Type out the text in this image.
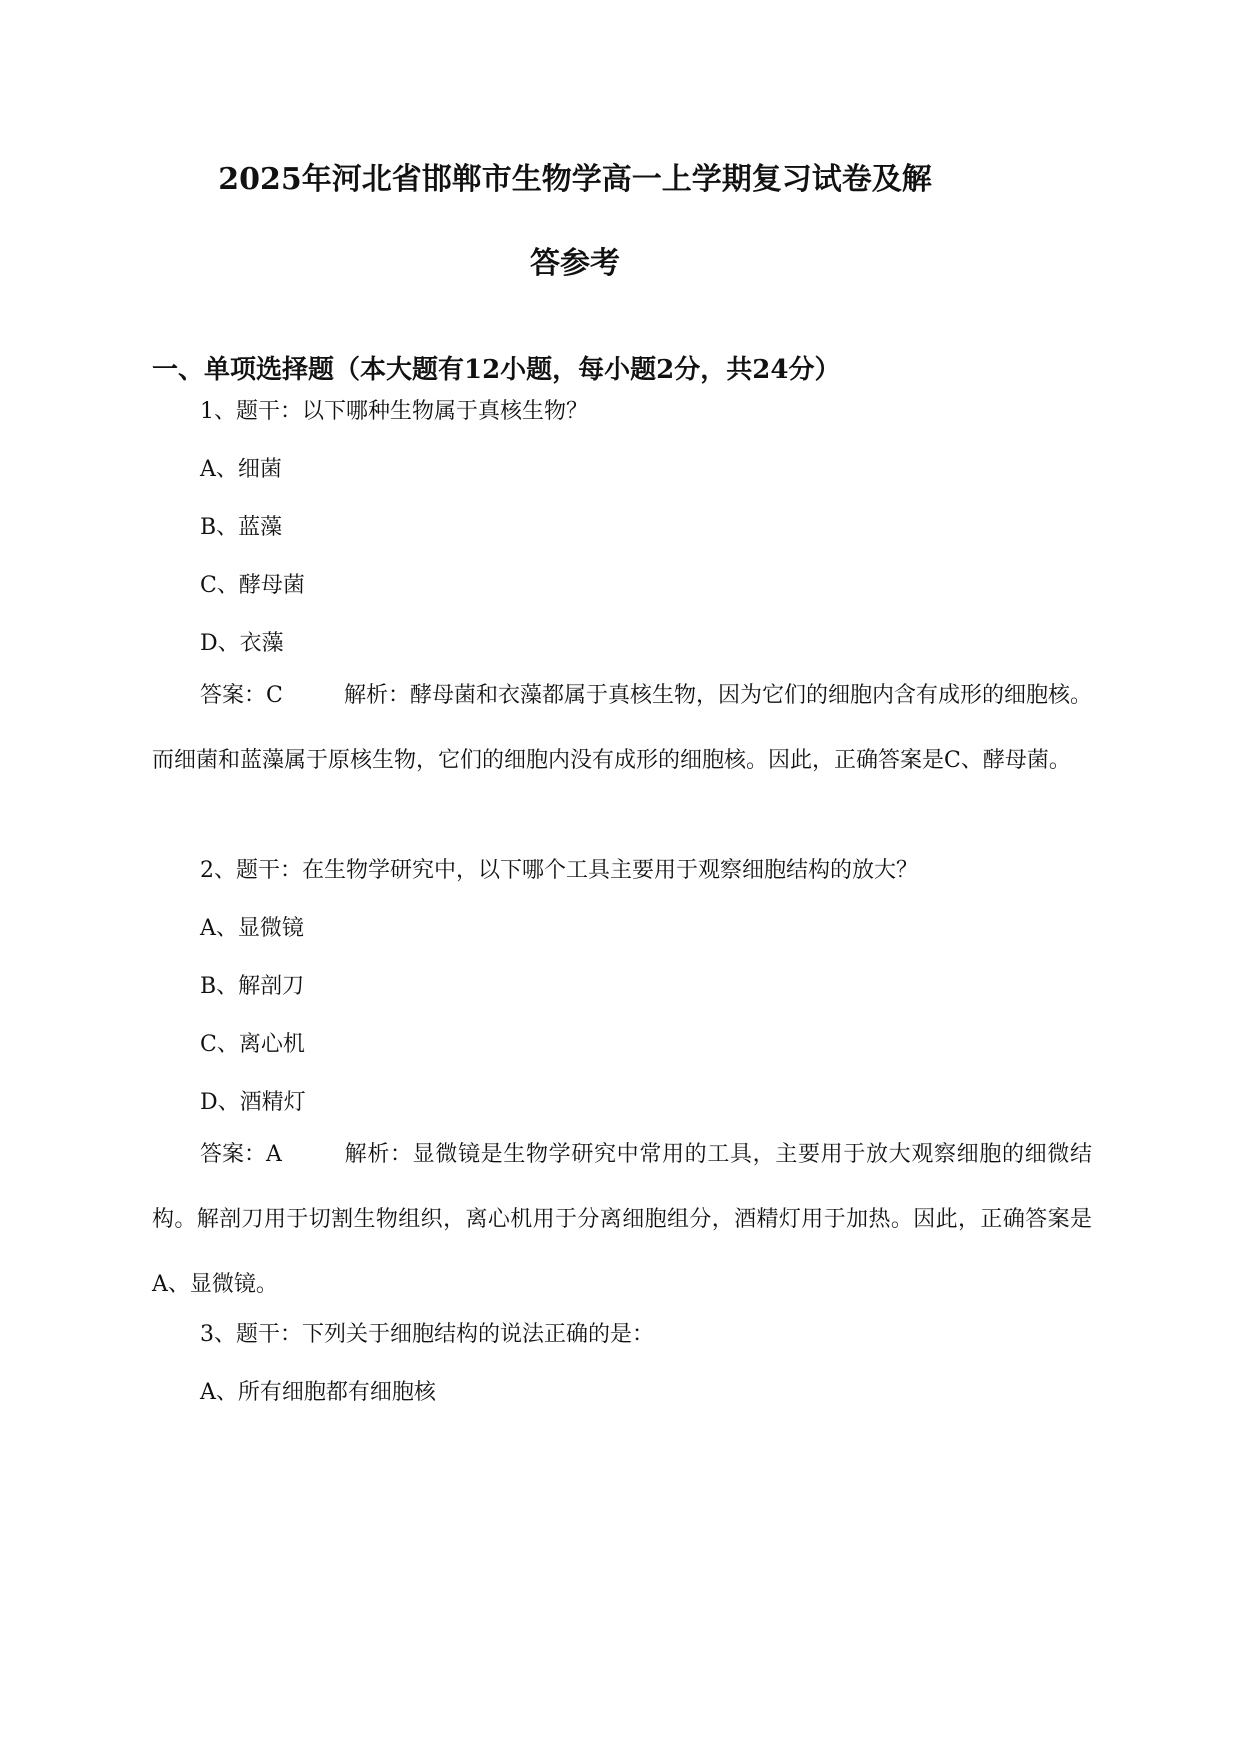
2025年河北省邯郸市生物学高一上学期复习试卷及解
答参考
一、单项选择题（本大题有12小题，每小题2分，共24分）

1、题干：以下哪种生物属于真核生物？

A、细菌

B、蓝藻

C、酵母菌

D、衣藻

答案：C	解析：酵母菌和衣藻都属于真核生物，因为它们的细胞内含有成形的细胞核。而细菌和蓝藻属于原核生物，它们的细胞内没有成形的细胞核。因此，正确答案是C、酵母菌。

2、题干：在生物学研究中，以下哪个工具主要用于观察细胞结构的放大？

A、显微镜

B、解剖刀

C、离心机

D、酒精灯

答案：A	解析：显微镜是生物学研究中常用的工具，主要用于放大观察细胞的细微结构。解剖刀用于切割生物组织，离心机用于分离细胞组分，酒精灯用于加热。因此，正确答案是A、显微镜。

3、题干：下列关于细胞结构的说法正确的是：

A、所有细胞都有细胞核
